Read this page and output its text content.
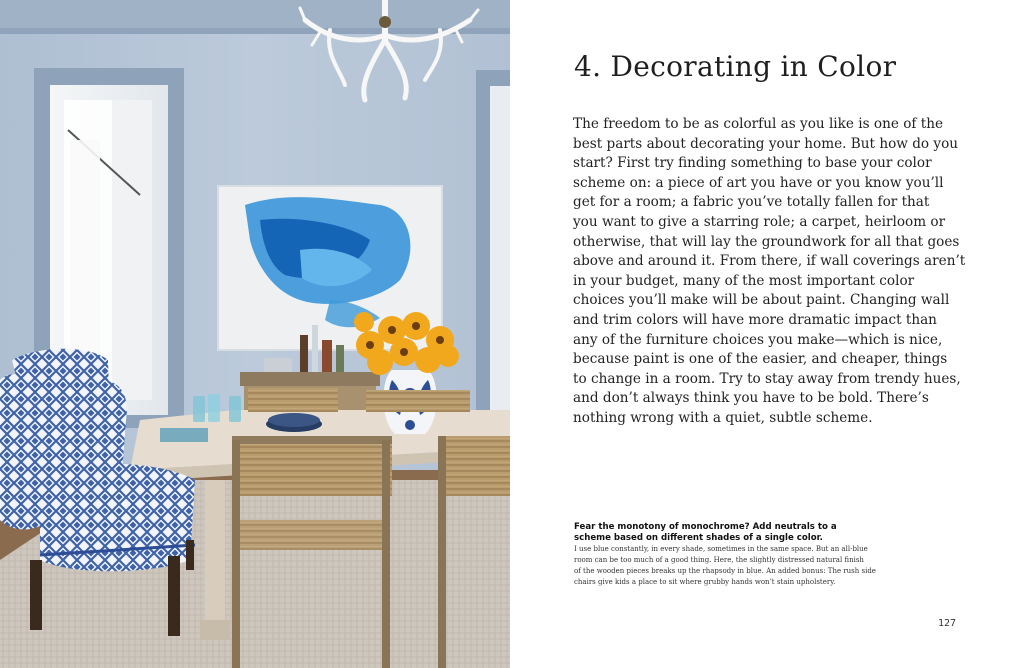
4. Decorating in Color

The freedom to be as colorful as you like is one of the
best parts about decorating your home. But how do you
start? First try finding something to base your color
scheme on: a piece of art you have or you know you’ll
get for a room; a fabric you’ve totally fallen for that
you want to give a starring role; a carpet, heirloom or
otherwise, that will lay the groundwork for all that goes
above and around it. From there, if wall coverings aren’t
in your budget, many of the most important color
choices you’ll make will be about paint. Changing wall
and trim colors will have more dramatic impact than
any of the furniture choices you make—which is nice,
because paint is one of the easier, and cheaper, things
to change in a room. Try to stay away from trendy hues,
and don’t always think you have to be bold. There’s
nothing wrong with a quiet, subtle scheme.

Fear the monotony of monochrome? Add neutrals to a
scheme based on different shades of a single color.
I use blue constantly, in every shade, sometimes in the same space. But an all-blue
room can be too much of a good thing. Here, the slightly distressed natural finish
of the wooden pieces breaks up the rhapsody in blue. An added bonus: The rush side
chairs give kids a place to sit where grubby hands won’t stain upholstery.
127
